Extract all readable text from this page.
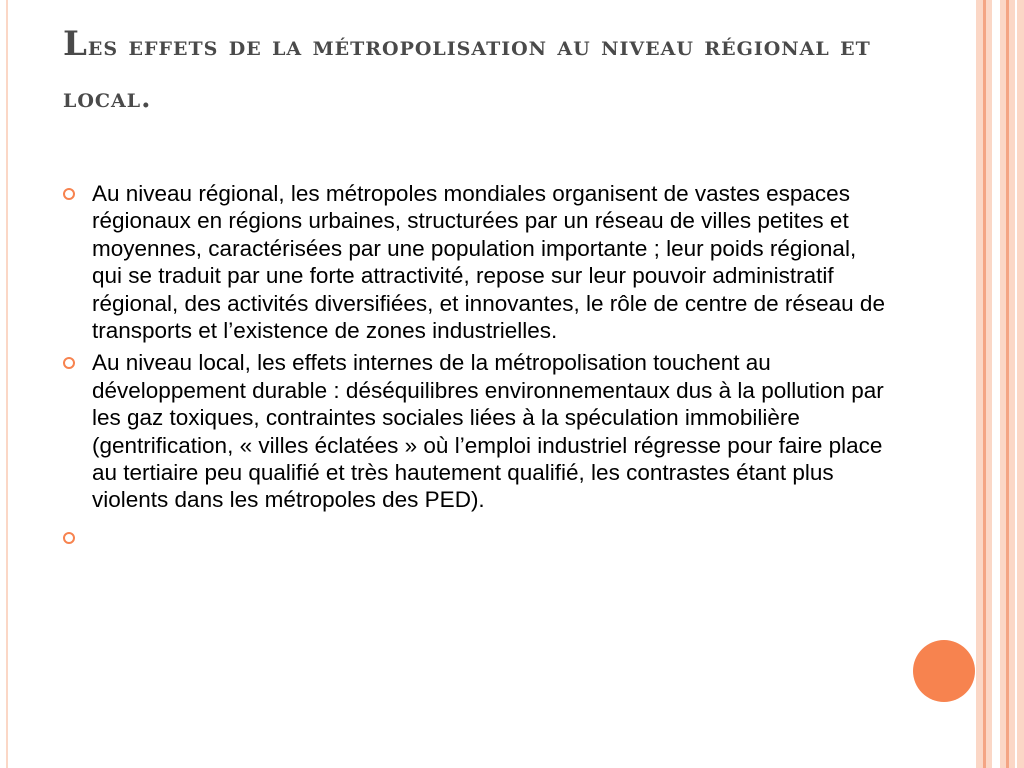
Les effets de la métropolisation au niveau régional et local.
Au niveau régional, les métropoles mondiales organisent de vastes espaces régionaux en régions urbaines, structurées par un réseau de villes petites et moyennes, caractérisées par une population importante ; leur poids régional, qui se traduit par une forte attractivité, repose sur leur pouvoir administratif régional, des activités diversifiées, et innovantes, le rôle de centre de réseau de transports et l’existence de zones industrielles.
Au niveau local, les effets internes de la métropolisation touchent au développement durable : déséquilibres environnementaux dus à la pollution par les gaz toxiques, contraintes sociales liées à la spéculation immobilière (gentrification, « villes éclatées » où l’emploi industriel régresse pour faire place au tertiaire peu qualifié et très hautement qualifié, les contrastes étant plus violents dans les métropoles des PED).
